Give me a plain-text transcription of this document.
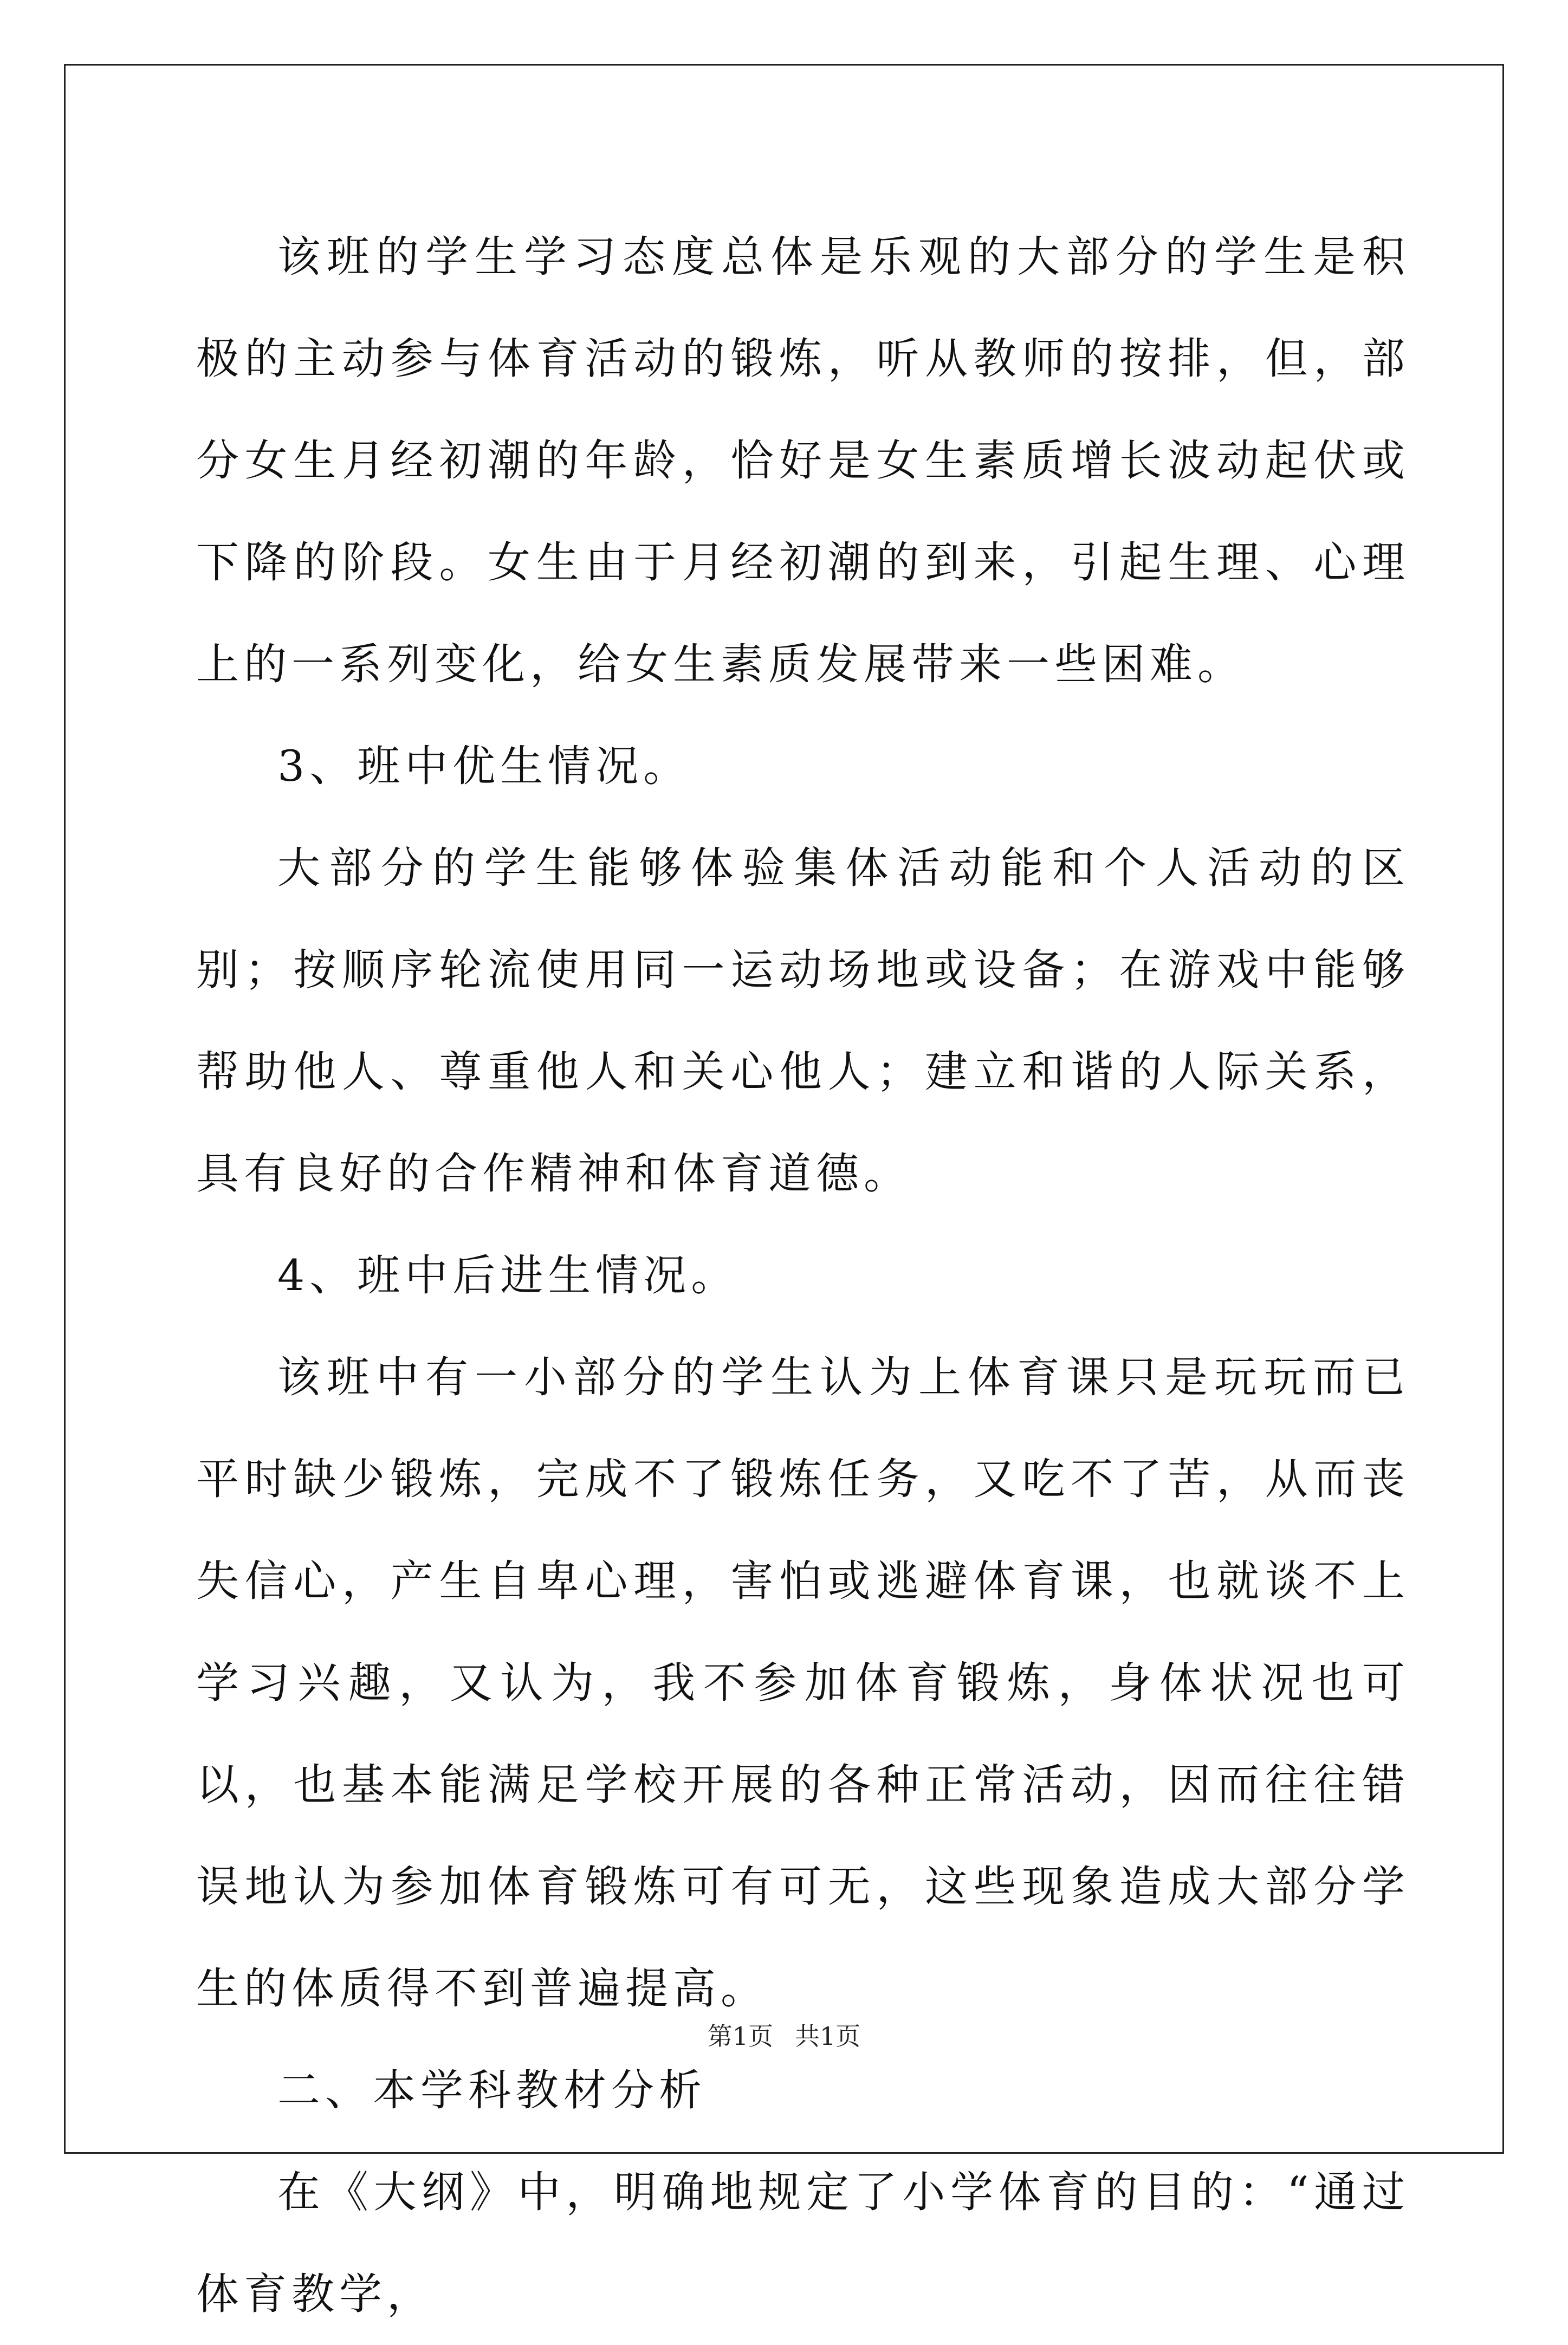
该班的学生学习态度总体是乐观的大部分的学生是积极的主动参与体育活动的锻炼，听从教师的按排，但，部分女生月经初潮的年龄，恰好是女生素质增长波动起伏或下降的阶段。女生由于月经初潮的到来，引起生理、心理上的一系列变化，给女生素质发展带来一些困难。

3、班中优生情况。

大部分的学生能够体验集体活动能和个人活动的区别；按顺序轮流使用同一运动场地或设备；在游戏中能够帮助他人、尊重他人和关心他人；建立和谐的人际关系，具有良好的合作精神和体育道德。

4、班中后进生情况。

该班中有一小部分的学生认为上体育课只是玩玩而已平时缺少锻炼，完成不了锻炼任务，又吃不了苦，从而丧失信心，产生自卑心理，害怕或逃避体育课，也就谈不上学习兴趣，又认为，我不参加体育锻炼，身体状况也可以，也基本能满足学校开展的各种正常活动，因而往往错误地认为参加体育锻炼可有可无，这些现象造成大部分学生的体质得不到普遍提高。

二、本学科教材分析

在《大纲》中，明确地规定了小学体育的目的：“通过体育教学，

第1页 共1页
